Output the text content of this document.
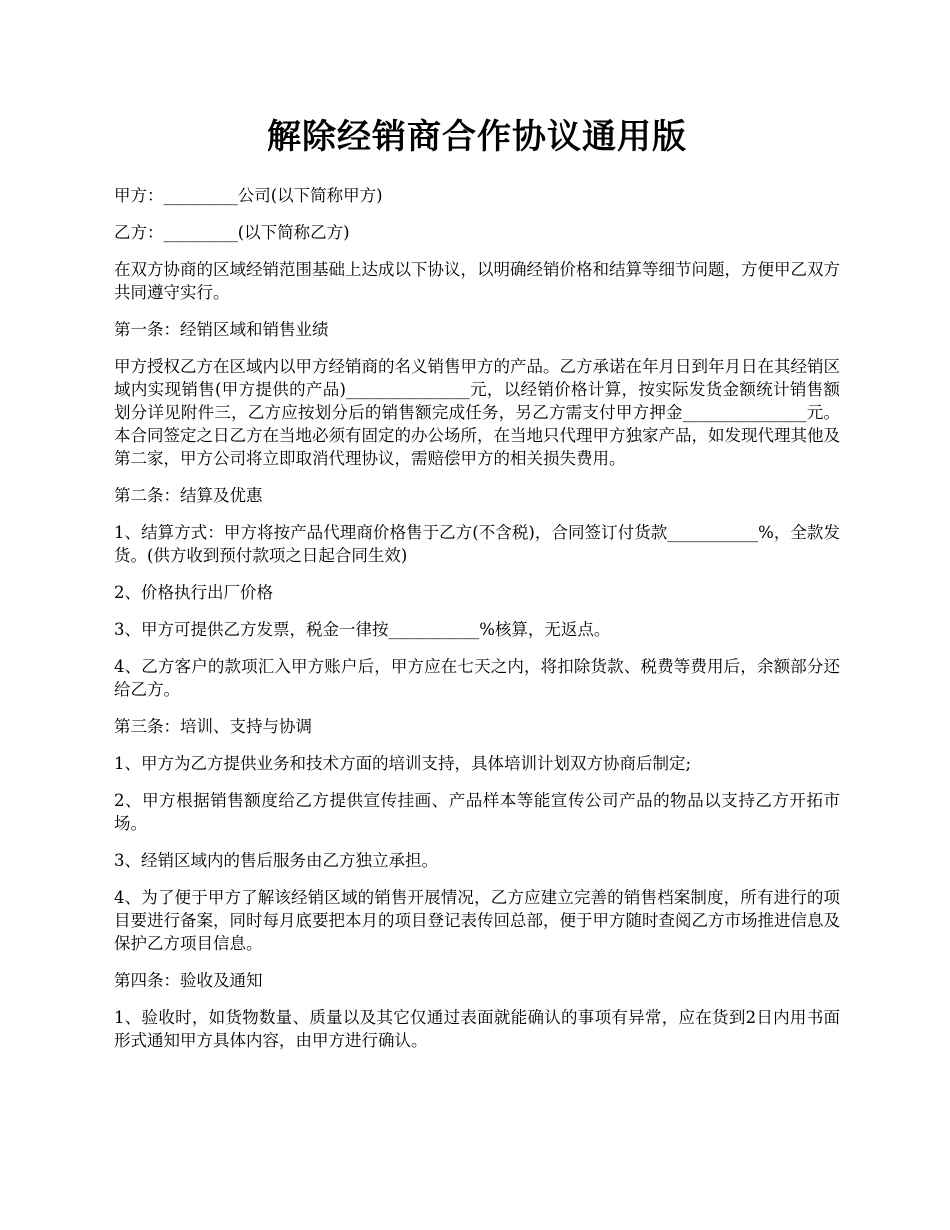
解除经销商合作协议通用版

甲方：_________公司(以下简称甲方)

乙方：_________(以下简称乙方)

在双方协商的区域经销范围基础上达成以下协议，以明确经销价格和结算等细节问题，方便甲乙双方共同遵守实行。

第一条：经销区域和销售业绩

甲方授权乙方在区域内以甲方经销商的名义销售甲方的产品。乙方承诺在年月日到年月日在其经销区域内实现销售(甲方提供的产品)_______________元，以经销价格计算，按实际发货金额统计销售额划分详见附件三，乙方应按划分后的销售额完成任务，另乙方需支付甲方押金_______________元。本合同签定之日乙方在当地必须有固定的办公场所，在当地只代理甲方独家产品，如发现代理其他及第二家，甲方公司将立即取消代理协议，需赔偿甲方的相关损失费用。

第二条：结算及优惠

1、结算方式：甲方将按产品代理商价格售于乙方(不含税)，合同签订付货款___________%，全款发货。(供方收到预付款项之日起合同生效)

2、价格执行出厂价格

3、甲方可提供乙方发票，税金一律按___________%核算，无返点。

4、乙方客户的款项汇入甲方账户后，甲方应在七天之内，将扣除货款、税费等费用后，余额部分还给乙方。

第三条：培训、支持与协调

1、甲方为乙方提供业务和技术方面的培训支持，具体培训计划双方协商后制定;

2、甲方根据销售额度给乙方提供宣传挂画、产品样本等能宣传公司产品的物品以支持乙方开拓市场。

3、经销区域内的售后服务由乙方独立承担。

4、为了便于甲方了解该经销区域的销售开展情况，乙方应建立完善的销售档案制度，所有进行的项目要进行备案，同时每月底要把本月的项目登记表传回总部，便于甲方随时查阅乙方市场推进信息及保护乙方项目信息。

第四条：验收及通知

1、验收时，如货物数量、质量以及其它仅通过表面就能确认的事项有异常，应在货到2日内用书面形式通知甲方具体内容，由甲方进行确认。
